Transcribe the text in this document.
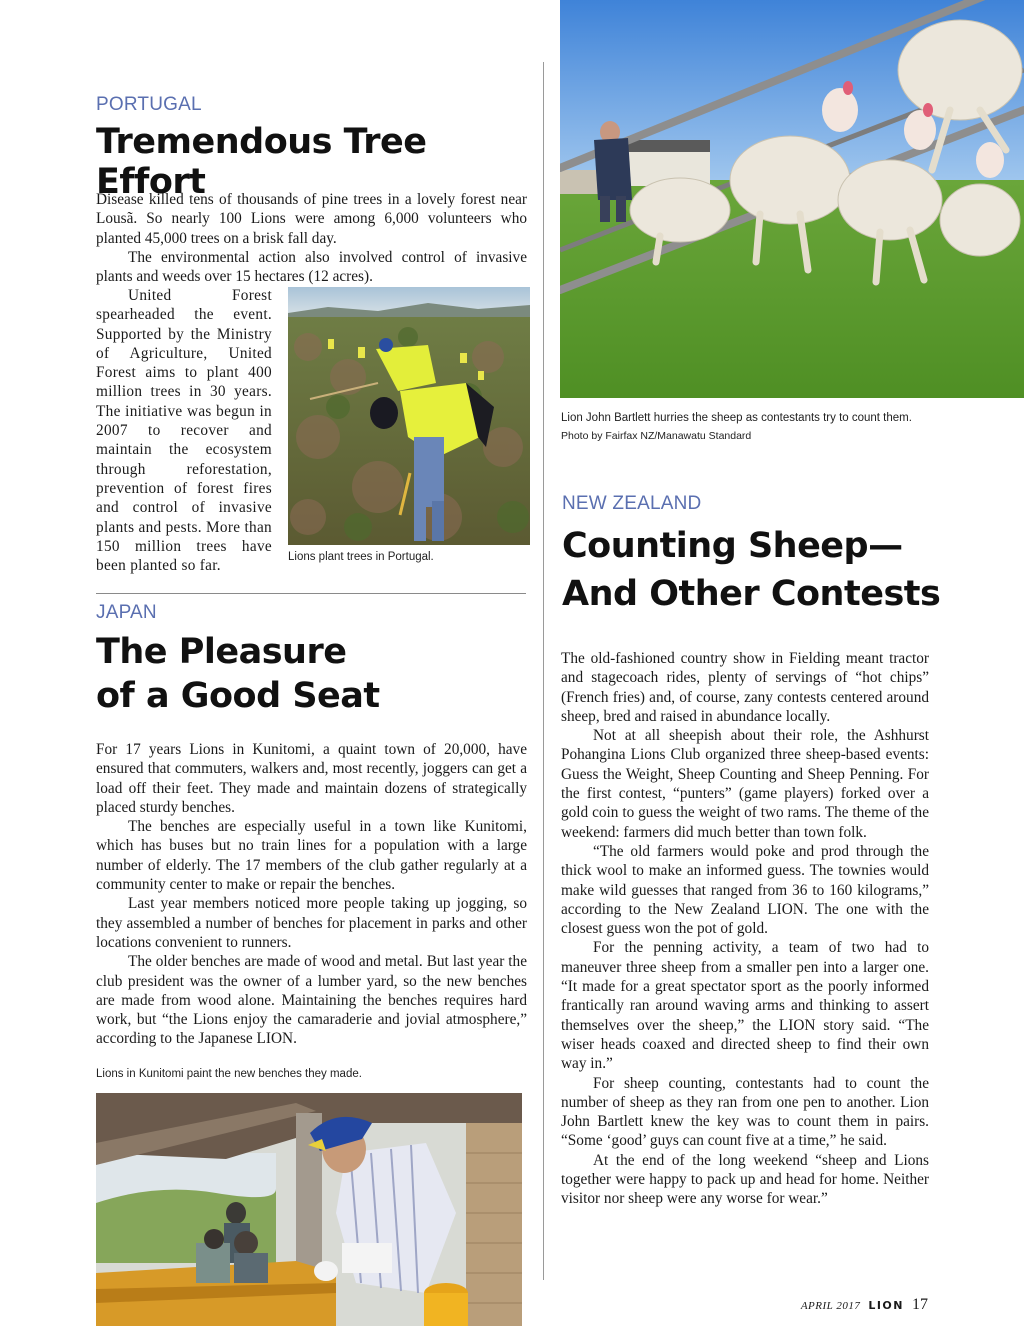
PORTUGAL

Tremendous Tree Effort

Disease killed tens of thousands of pine trees in a lovely forest near Lousã. So nearly 100 Lions were among 6,000 volunteers who planted 45,000 trees on a brisk fall day.

The environmental action also involved control of invasive plants and weeds over 15 hectares (12 acres).

United Forest spearheaded the event. Supported by the Ministry of Agriculture, United Forest aims to plant 400 million trees in 30 years. The initiative was begun in 2007 to recover and maintain the ecosystem through reforestation, prevention of forest fires and control of invasive plants and pests. More than 150 million trees have been planted so far.

Lions plant trees in Portugal.

JAPAN

The Pleasure
of a Good Seat

For 17 years Lions in Kunitomi, a quaint town of 20,000, have ensured that commuters, walkers and, most recently, joggers can get a load off their feet. They made and maintain dozens of strategically placed sturdy benches.

The benches are especially useful in a town like Kunitomi, which has buses but no train lines for a population with a large number of elderly. The 17 members of the club gather regularly at a community center to make or repair the benches.

Last year members noticed more people taking up jogging, so they assembled a number of benches for placement in parks and other locations convenient to runners.

The older benches are made of wood and metal. But last year the club president was the owner of a lumber yard, so the new benches are made from wood alone. Maintaining the benches requires hard work, but “the Lions enjoy the camaraderie and jovial atmosphere,” according to the Japanese LION.

Lions in Kunitomi paint the new benches they made.

Lion John Bartlett hurries the sheep as contestants try to count them.

Photo by Fairfax NZ/Manawatu Standard

NEW ZEALAND

Counting Sheep—
And Other Contests

The old-fashioned country show in Fielding meant tractor and stagecoach rides, plenty of servings of “hot chips” (French fries) and, of course, zany contests centered around sheep, bred and raised in abundance locally.

Not at all sheepish about their role, the Ashhurst Pohangina Lions Club organized three sheep-based events: Guess the Weight, Sheep Counting and Sheep Penning. For the first contest, “punters” (game players) forked over a gold coin to guess the weight of two rams. The theme of the weekend: farmers did much better than town folk.

“The old farmers would poke and prod through the thick wool to make an informed guess. The townies would make wild guesses that ranged from 36 to 160 kilograms,” according to the New Zealand LION. The one with the closest guess won the pot of gold.

For the penning activity, a team of two had to maneuver three sheep from a smaller pen into a larger one. “It made for a great spectator sport as the poorly informed frantically ran around waving arms and thinking to assert themselves over the sheep,” the LION story said. “The wiser heads coaxed and directed sheep to find their own way in.”

For sheep counting, contestants had to count the number of sheep as they ran from one pen to another. Lion John Bartlett knew the key was to count them in pairs. “Some ‘good’ guys can count five at a time,” he said.

At the end of the long weekend “sheep and Lions together were happy to pack up and head for home. Neither visitor nor sheep were any worse for wear.”

APRIL 2017 LION 17
